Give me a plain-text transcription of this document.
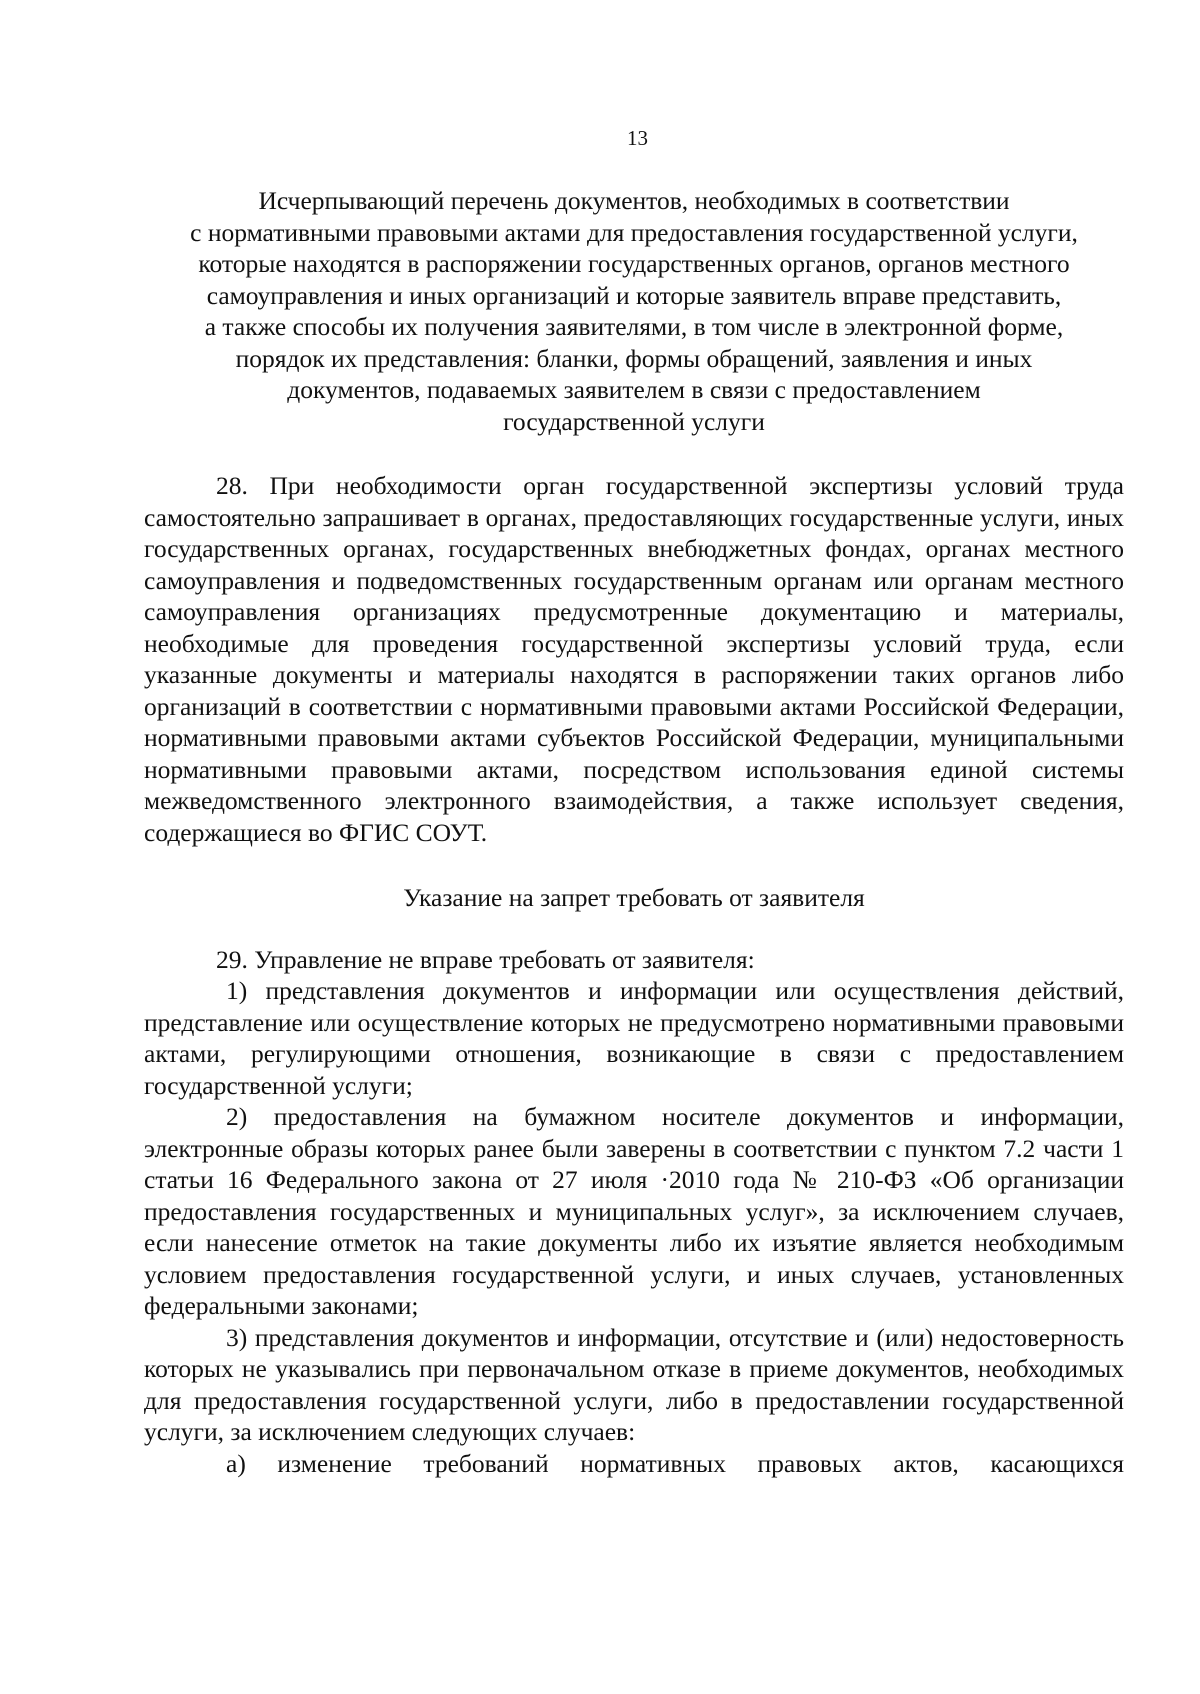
13
Исчерпывающий перечень документов, необходимых в соответствии
с нормативными правовыми актами для предоставления государственной услуги,
которые находятся в распоряжении государственных органов, органов местного
самоуправления и иных организаций и которые заявитель вправе представить,
а также способы их получения заявителями, в том числе в электронной форме,
порядок их представления: бланки, формы обращений, заявления и иных
документов, подаваемых заявителем в связи с предоставлением
государственной услуги

28. При необходимости орган государственной экспертизы условий труда самостоятельно запрашивает в органах, предоставляющих государственные услуги, иных государственных органах, государственных внебюджетных фондах, органах местного самоуправления и подведомственных государственным органам или органам местного самоуправления организациях предусмотренные документацию и материалы, необходимые для проведения государственной экспертизы условий труда, если указанные документы и материалы находятся в распоряжении таких органов либо организаций в соответствии с нормативными правовыми актами Российской Федерации, нормативными правовыми актами субъектов Российской Федерации, муниципальными нормативными правовыми актами, посредством использования единой системы межведомственного электронного взаимодействия, а также использует сведения, содержащиеся во ФГИС СОУТ.

Указание на запрет требовать от заявителя

29. Управление не вправе требовать от заявителя:

1) представления документов и информации или осуществления действий, представление или осуществление которых не предусмотрено нормативными правовыми актами, регулирующими отношения, возникающие в связи с предоставлением государственной услуги;

2) предоставления на бумажном носителе документов и информации, электронные образы которых ранее были заверены в соответствии с пунктом 7.2 части 1 статьи 16 Федерального закона от 27 июля ·2010 года № 210-ФЗ «Об организации предоставления государственных и муниципальных услуг», за исключением случаев, если нанесение отметок на такие документы либо их изъятие является необходимым условием предоставления государственной услуги, и иных случаев, установленных федеральными законами;

3) представления документов и информации, отсутствие и (или) недостоверность которых не указывались при первоначальном отказе в приеме документов, необходимых для предоставления государственной услуги, либо в предоставлении государственной услуги, за исключением следующих случаев:

а) изменение требований нормативных правовых актов, касающихся
